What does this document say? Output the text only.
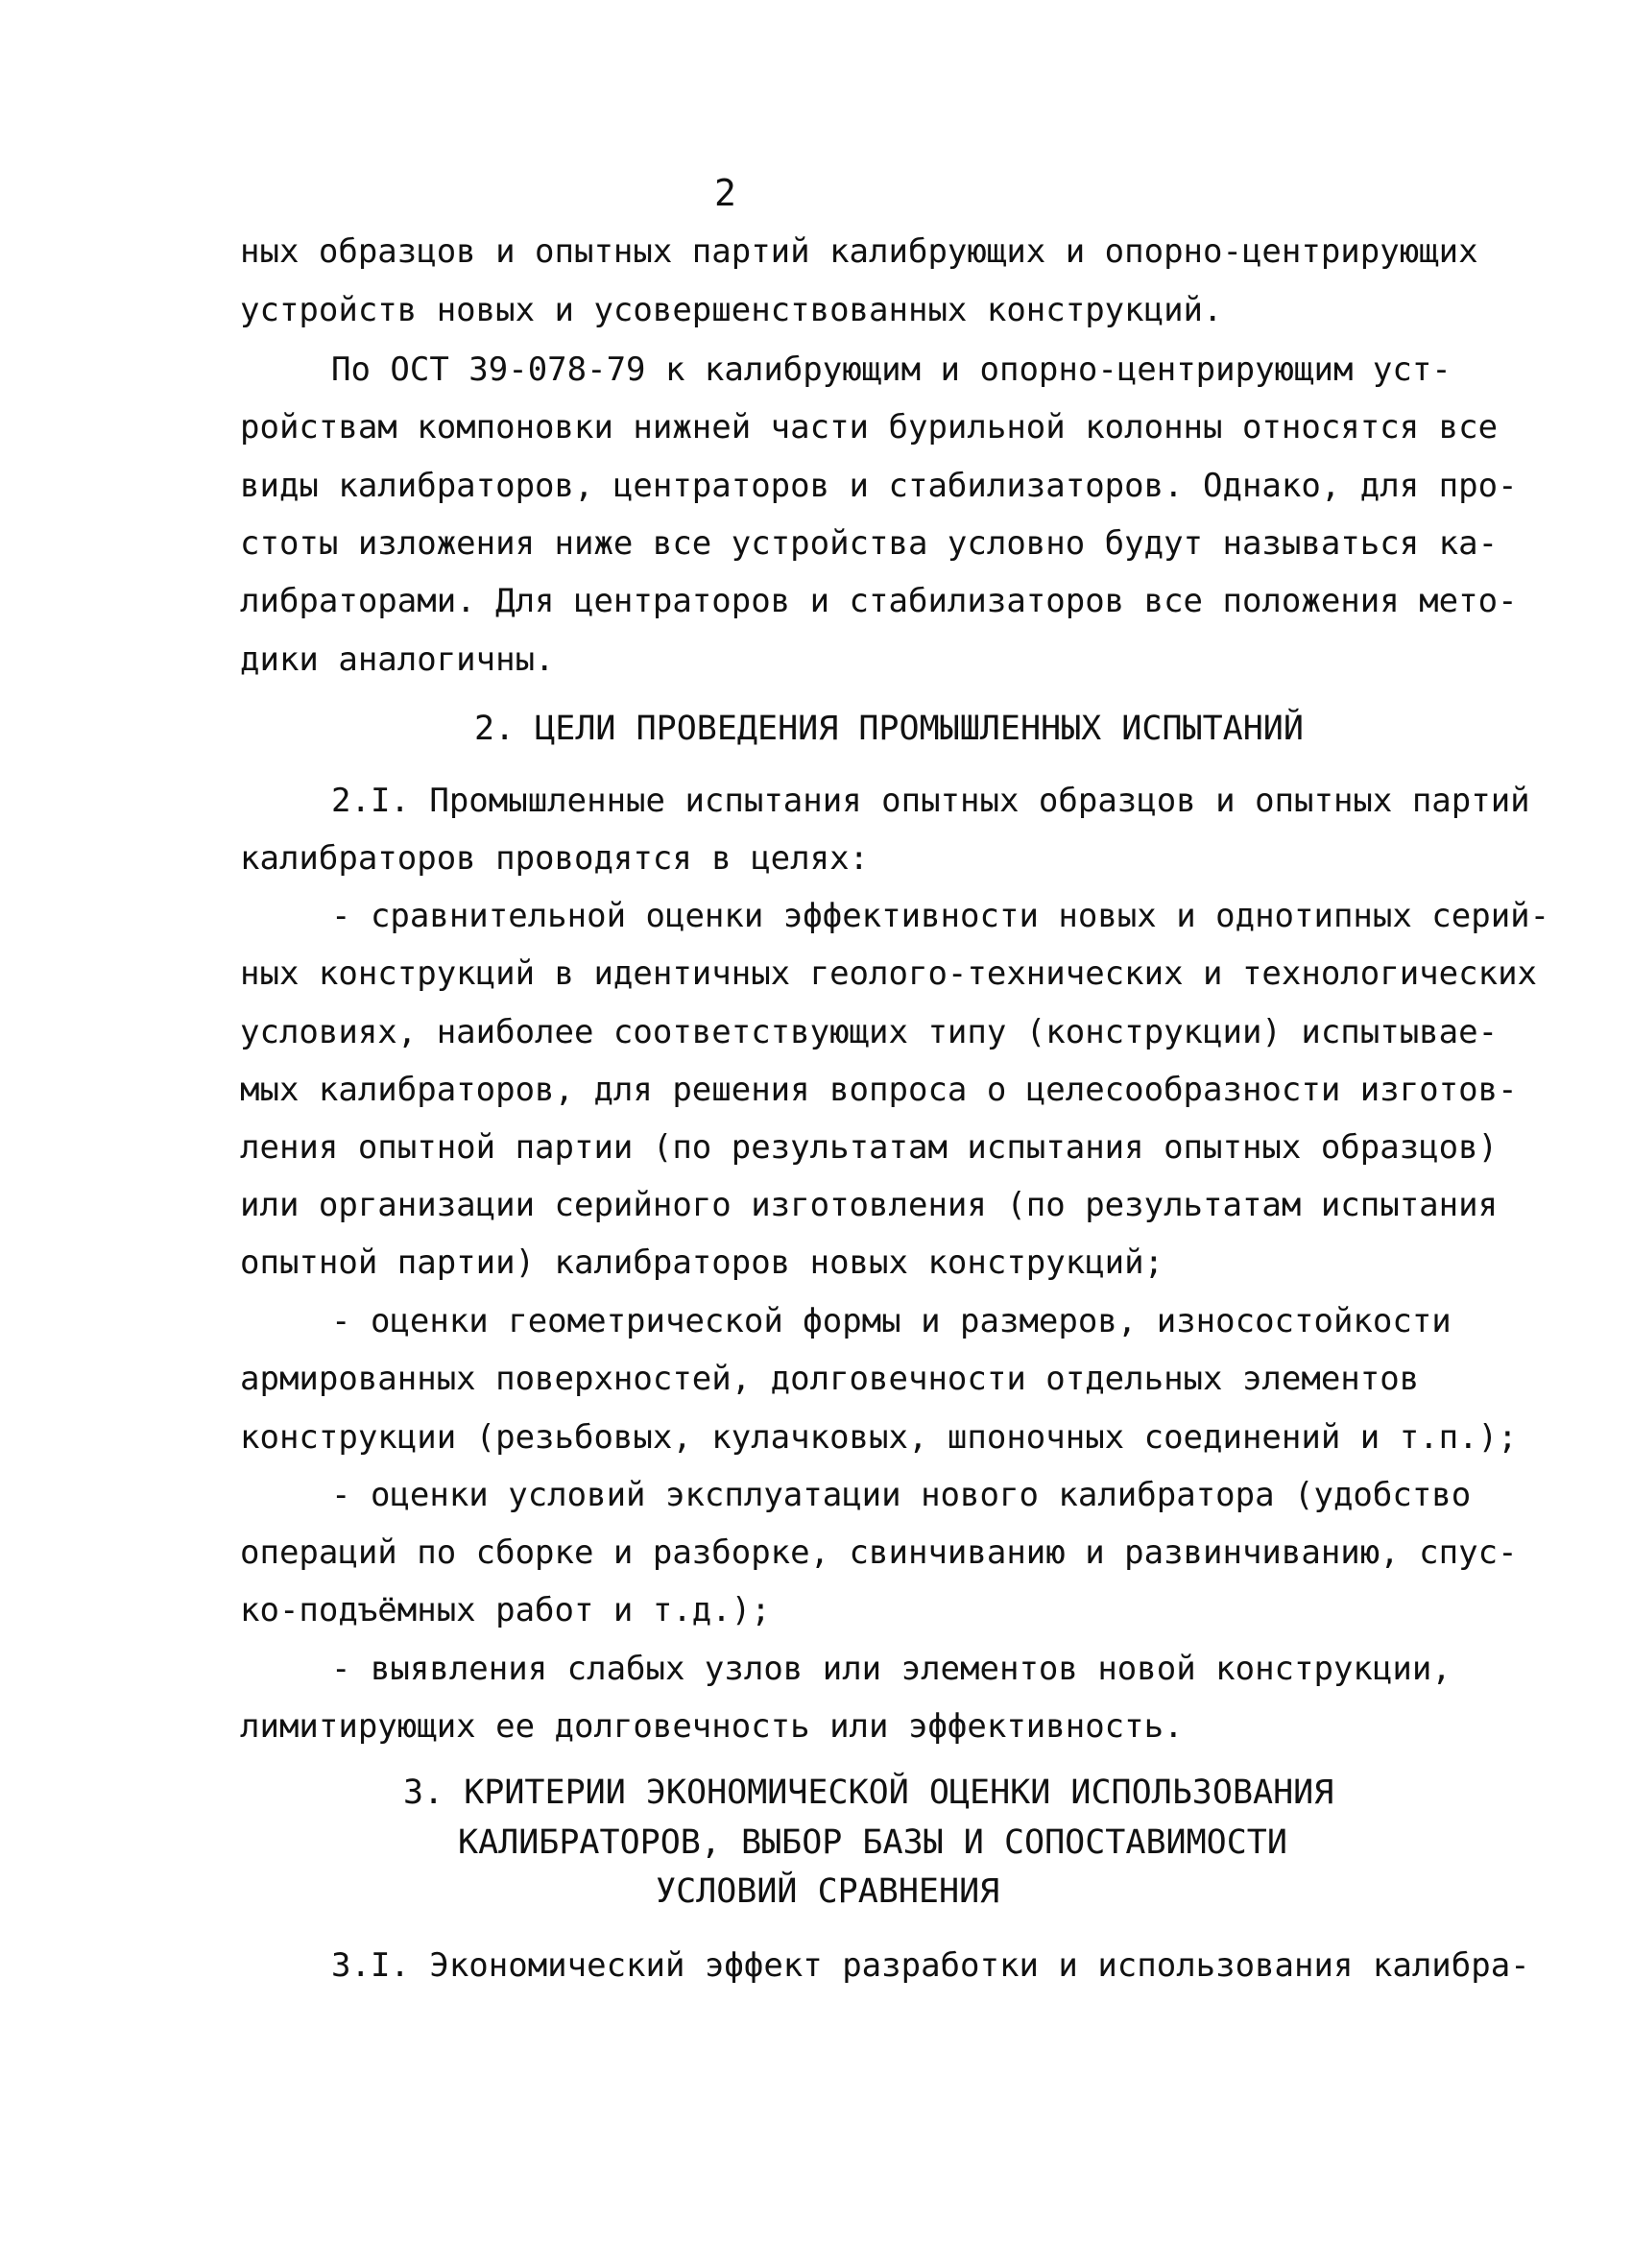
2
ных образцов и опытных партий калибрующих и опорно-центрирующих
устройств новых и усовершенствованных конструкций.
По ОСТ 39-078-79 к калибрующим и опорно-центрирующим уст-
ройствам компоновки нижней части бурильной колонны относятся все
виды калибраторов, центраторов и стабилизаторов. Однако, для про-
стоты изложения ниже все устройства условно будут называться ка-
либраторами. Для центраторов и стабилизаторов все положения мето-
дики аналогичны.
2. ЦЕЛИ ПРОВЕДЕНИЯ ПРОМЫШЛЕННЫХ ИСПЫТАНИЙ
2.I. Промышленные испытания опытных образцов и опытных партий
калибраторов проводятся в целях:
- сравнительной оценки эффективности новых и однотипных серий-
ных конструкций в идентичных геолого-технических и технологических
условиях, наиболее соответствующих типу (конструкции) испытывае-
мых калибраторов, для решения вопроса о целесообразности изготов-
ления опытной партии (по результатам испытания опытных образцов)
или организации серийного изготовления (по результатам испытания
опытной партии) калибраторов новых конструкций;
- оценки геометрической формы и размеров, износостойкости
армированных поверхностей, долговечности отдельных элементов
конструкции (резьбовых, кулачковых, шпоночных соединений и т.п.);
- оценки условий эксплуатации нового калибратора (удобство
операций по сборке и разборке, свинчиванию и развинчиванию, спус-
ко-подъёмных работ и т.д.);
- выявления слабых узлов или элементов новой конструкции,
лимитирующих ее долговечность или эффективность.
3. КРИТЕРИИ ЭКОНОМИЧЕСКОЙ ОЦЕНКИ ИСПОЛЬЗОВАНИЯ
КАЛИБРАТОРОВ, ВЫБОР БАЗЫ И СОПОСТАВИМОСТИ
УСЛОВИЙ СРАВНЕНИЯ
3.I. Экономический эффект разработки и использования калибра-
